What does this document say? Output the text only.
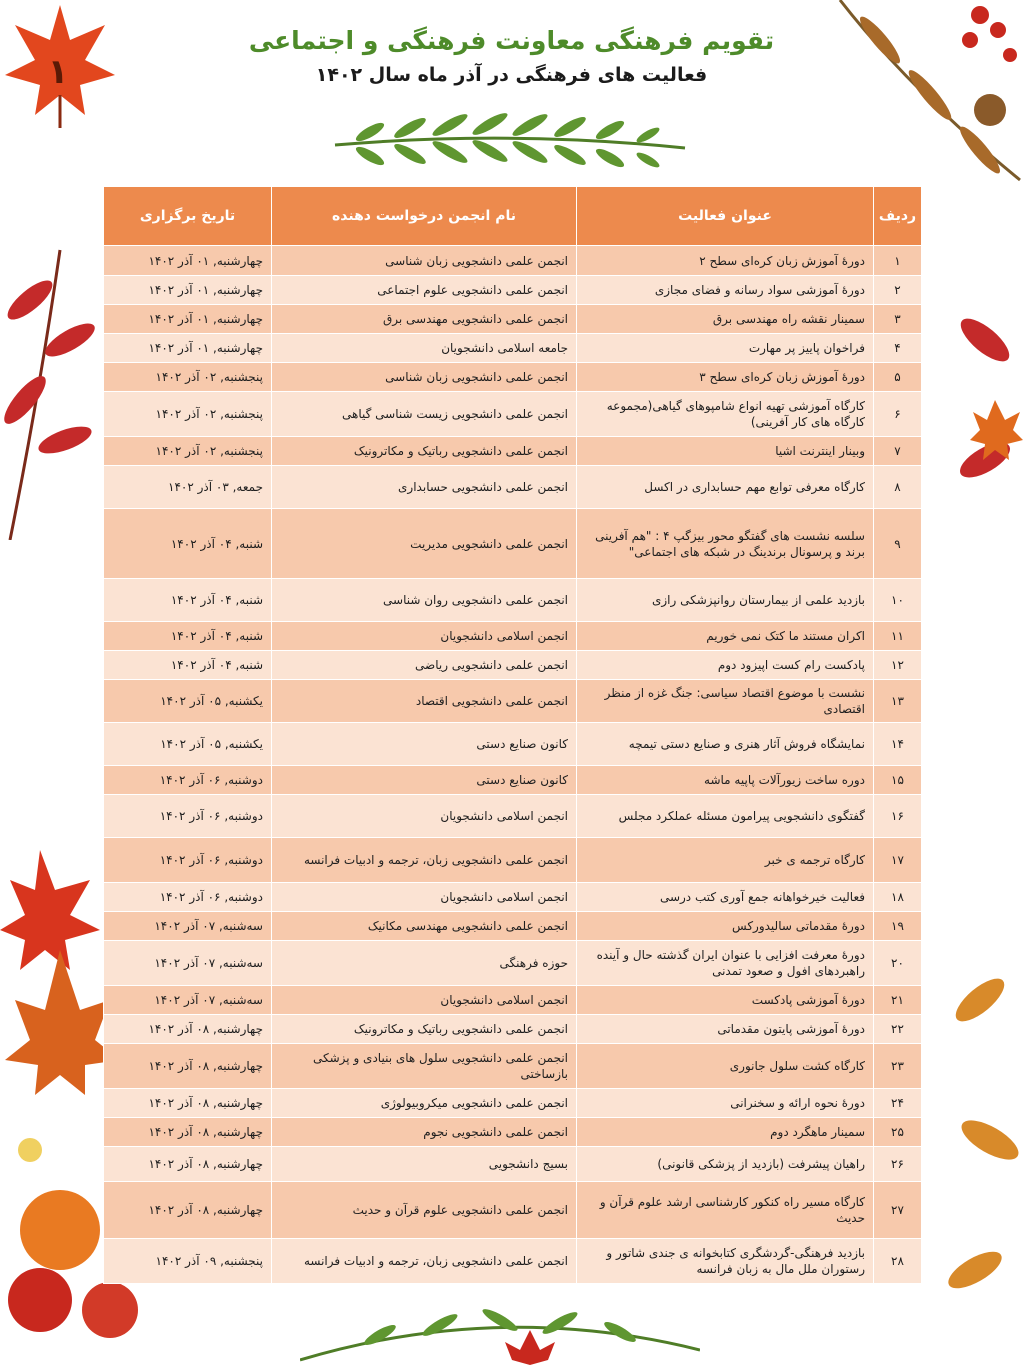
۱
تقویم فرهنگی معاونت فرهنگی و اجتماعی
فعالیت های فرهنگی در آذر ماه سال ۱۴۰۲
ردیف	عنوان فعالیت	نام انجمن درخواست دهنده	تاریخ برگزاری
۱	دورهٔ آموزش زبان کره‌ای سطح ۲	انجمن علمی دانشجویی زبان شناسی	چهارشنبه, ۰۱ آذر ۱۴۰۲
۲	دورهٔ آموزشی سواد رسانه و فضای مجازی	انجمن علمی دانشجویی علوم اجتماعی	چهارشنبه, ۰۱ آذر ۱۴۰۲
۳	سمینار نقشه راه مهندسی برق	انجمن علمی دانشجویی مهندسی برق	چهارشنبه, ۰۱ آذر ۱۴۰۲
۴	فراخوان پاییز پر مهارت	جامعه اسلامی دانشجویان	چهارشنبه, ۰۱ آذر ۱۴۰۲
۵	دورهٔ آموزش زبان کره‌ای سطح ۳	انجمن علمی دانشجویی زبان شناسی	پنجشنبه, ۰۲ آذر ۱۴۰۲
۶	کارگاه آموزشی تهیه انواع شامپوهای گیاهی(مجموعه کارگاه های کار آفرینی)	انجمن علمی دانشجویی زیست شناسی گیاهی	پنجشنبه, ۰۲ آذر ۱۴۰۲
۷	وبینار اینترنت اشیا	انجمن علمی دانشجویی رباتیک و مکاترونیک	پنجشنبه, ۰۲ آذر ۱۴۰۲
۸	کارگاه معرفی توابع مهم حسابداری در اکسل	انجمن علمی دانشجویی حسابداری	جمعه, ۰۳ آذر ۱۴۰۲
۹	سلسه نشست های گفتگو محور بیزگپ ۴ : "هم آفرینی برند و پرسونال برندینگ در شبکه های اجتماعی"	انجمن علمی دانشجویی مدیریت	شنبه, ۰۴ آذر ۱۴۰۲
۱۰	بازدید علمی از بیمارستان روانپزشکی رازی	انجمن علمی دانشجویی روان شناسی	شنبه, ۰۴ آذر ۱۴۰۲
۱۱	اکران مستند ما کتک نمی خوریم	انجمن اسلامی دانشجویان	شنبه, ۰۴ آذر ۱۴۰۲
۱۲	پادکست رام کست اپیزود دوم	انجمن علمی دانشجویی ریاضی	شنبه, ۰۴ آذر ۱۴۰۲
۱۳	نشست با موضوع اقتصاد سیاسی: جنگ غزه از منظر اقتصادی	انجمن علمی دانشجویی اقتصاد	یکشنبه, ۰۵ آذر ۱۴۰۲
۱۴	نمایشگاه فروش آثار هنری و صنایع دستی تیمچه	کانون صنایع دستی	یکشنبه, ۰۵ آذر ۱۴۰۲
۱۵	دوره ساخت زیورآلات پاپیه ماشه	کانون صنایع دستی	دوشنبه, ۰۶ آذر ۱۴۰۲
۱۶	گفتگوی دانشجویی پیرامون مسئله عملکرد مجلس	انجمن اسلامی دانشجویان	دوشنبه, ۰۶ آذر ۱۴۰۲
۱۷	کارگاه ترجمه ی خبر	انجمن علمی دانشجویی زبان، ترجمه و ادبیات فرانسه	دوشنبه, ۰۶ آذر ۱۴۰۲
۱۸	فعالیت خیرخواهانه جمع آوری کتب درسی	انجمن اسلامی دانشجویان	دوشنبه, ۰۶ آذر ۱۴۰۲
۱۹	دورهٔ مقدماتی سالیدورکس	انجمن علمی دانشجویی مهندسی مکانیک	سه‌شنبه, ۰۷ آذر ۱۴۰۲
۲۰	دورهٔ معرفت افزایی با عنوان ایران گذشته حال و آینده راهبردهای افول و صعود تمدنی	حوزه فرهنگی	سه‌شنبه, ۰۷ آذر ۱۴۰۲
۲۱	دورهٔ آموزشی پادکست	انجمن اسلامی دانشجویان	سه‌شنبه, ۰۷ آذر ۱۴۰۲
۲۲	دورهٔ آموزشی پایتون مقدماتی	انجمن علمی دانشجویی رباتیک و مکاترونیک	چهارشنبه, ۰۸ آذر ۱۴۰۲
۲۳	کارگاه کشت سلول جانوری	انجمن علمی دانشجویی سلول های بنیادی و پزشکی بازساختی	چهارشنبه, ۰۸ آذر ۱۴۰۲
۲۴	دورهٔ نحوه ارائه و سخنرانی	انجمن علمی دانشجویی میکروبیولوژی	چهارشنبه, ۰۸ آذر ۱۴۰۲
۲۵	سمینار ماهگرد دوم	انجمن علمی دانشجویی نجوم	چهارشنبه, ۰۸ آذر ۱۴۰۲
۲۶	راهیان پیشرفت (بازدید از پزشکی قانونی)	بسیج دانشجویی	چهارشنبه, ۰۸ آذر ۱۴۰۲
۲۷	کارگاه مسیر راه کنکور کارشناسی ارشد علوم قرآن و حدیث	انجمن علمی دانشجویی علوم قرآن و حدیث	چهارشنبه, ۰۸ آذر ۱۴۰۲
۲۸	بازدید فرهنگی-گردشگری کتابخوانه ی جندی شاتور و رستوران ملل مال به زبان فرانسه	انجمن علمی دانشجویی زبان، ترجمه و ادبیات فرانسه	پنجشنبه, ۰۹ آذر ۱۴۰۲
